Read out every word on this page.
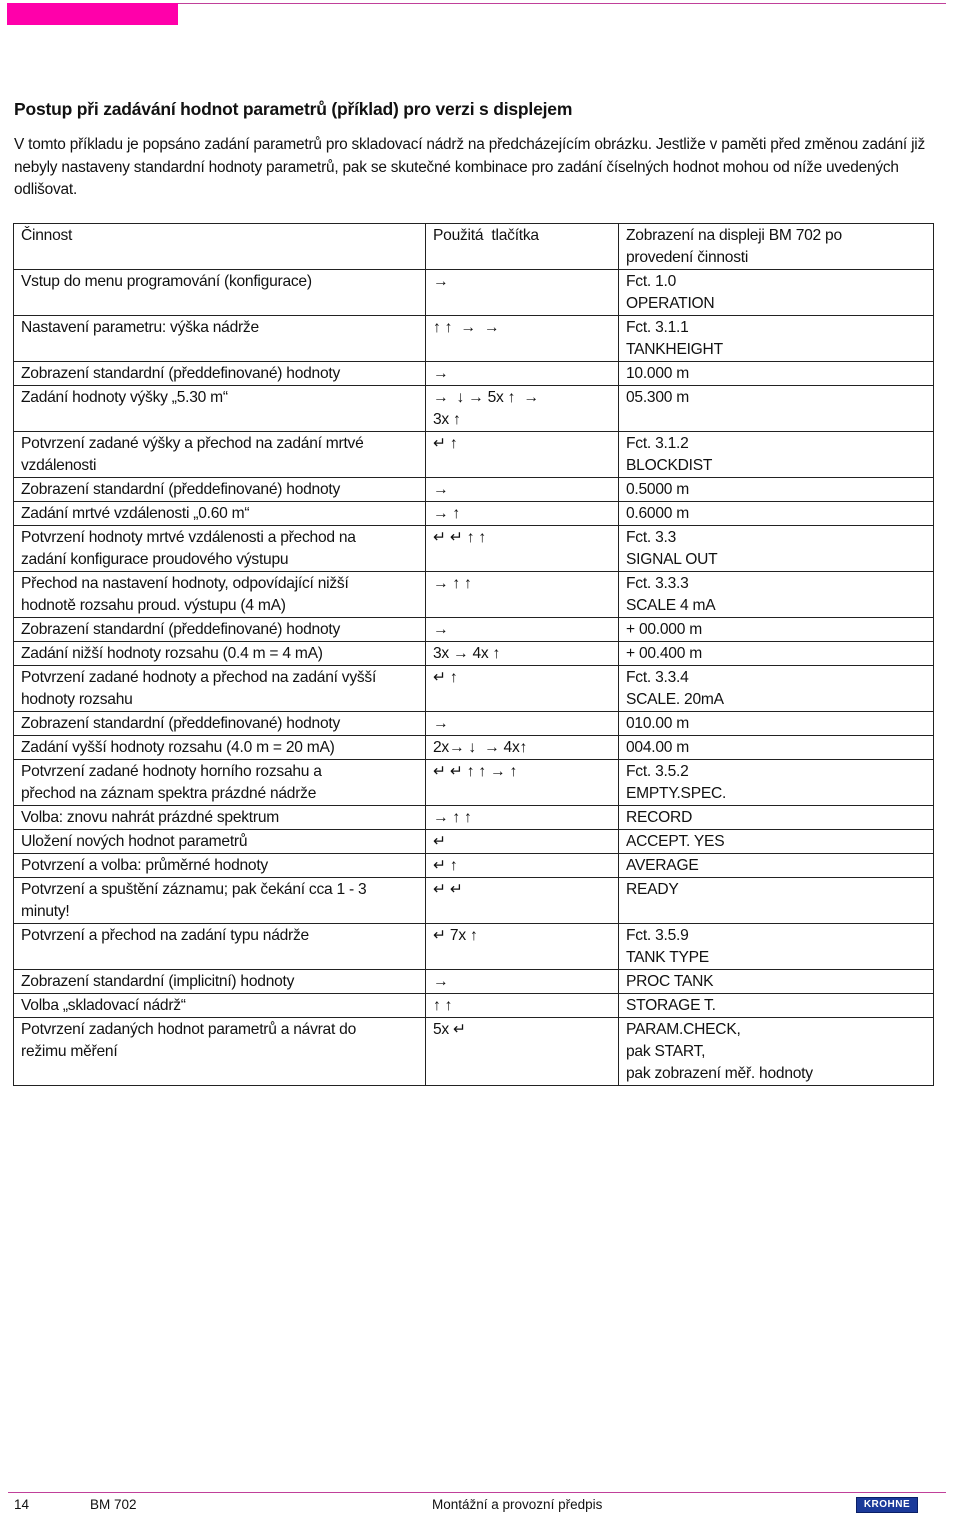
Postup při zadávání hodnot parametrů (příklad) pro verzi s displejem
V tomto příkladu je popsáno zadání parametrů pro skladovací nádrž na předcházejícím obrázku. Jestliže v paměti před změnou zadání již nebyly nastaveny standardní hodnoty parametrů, pak se skutečné kombinace pro zadání číselných hodnot mohou od níže uvedených odlišovat.
Činnost	Použitá  tlačítka	Zobrazení na displeji BM 702 po
provedení činnosti
Vstup do menu programování (konfigurace)	→	Fct. 1.0
OPERATION
Nastavení parametru: výška nádrže	↑ ↑  →  →	Fct. 3.1.1
TANKHEIGHT
Zobrazení standardní (předdefinované) hodnoty	→	10.000 m
Zadání hodnoty výšky „5.30 m“	→  ↓ → 5x ↑  →
3x ↑	05.300 m
Potvrzení zadané výšky a přechod na zadání mrtvé
vzdálenosti	↵ ↑	Fct. 3.1.2
BLOCKDIST
Zobrazení standardní (předdefinované) hodnoty	→	0.5000 m
Zadání mrtvé vzdálenosti „0.60 m“	→ ↑	0.6000 m
Potvrzení hodnoty mrtvé vzdálenosti a přechod na
zadání konfigurace proudového výstupu	↵ ↵ ↑ ↑	Fct. 3.3
SIGNAL OUT
Přechod na nastavení hodnoty, odpovídající nižší
hodnotě rozsahu proud. výstupu (4 mA)	→ ↑ ↑	Fct. 3.3.3
SCALE 4 mA
Zobrazení standardní (předdefinované) hodnoty	→	+ 00.000 m
Zadání nižší hodnoty rozsahu (0.4 m = 4 mA)	3x → 4x ↑	+ 00.400 m
Potvrzení zadané hodnoty a přechod na zadání vyšší
hodnoty rozsahu	↵ ↑	Fct. 3.3.4
SCALE. 20mA
Zobrazení standardní (předdefinované) hodnoty	→	010.00 m
Zadání vyšší hodnoty rozsahu (4.0 m = 20 mA)	2x→ ↓  → 4x↑	004.00 m
Potvrzení zadané hodnoty horního rozsahu a
přechod na záznam spektra prázdné nádrže	↵ ↵ ↑ ↑ → ↑	Fct. 3.5.2
EMPTY.SPEC.
Volba: znovu nahrát prázdné spektrum	→ ↑ ↑	RECORD
Uložení nových hodnot parametrů	↵	ACCEPT. YES
Potvrzení a volba: průměrné hodnoty	↵ ↑	AVERAGE
Potvrzení a spuštění záznamu; pak čekání cca 1 - 3
minuty!	↵ ↵	READY
Potvrzení a přechod na zadání typu nádrže	↵ 7x ↑	Fct. 3.5.9
TANK TYPE
Zobrazení standardní (implicitní) hodnoty	→	PROC TANK
Volba „skladovací nádrž“	↑ ↑	STORAGE T.
Potvrzení zadaných hodnot parametrů a návrat do
režimu měření	5x ↵	PARAM.CHECK,
pak START,
pak zobrazení měř. hodnoty
14	BM 702	Montážní a provozní předpis	KROHNE
